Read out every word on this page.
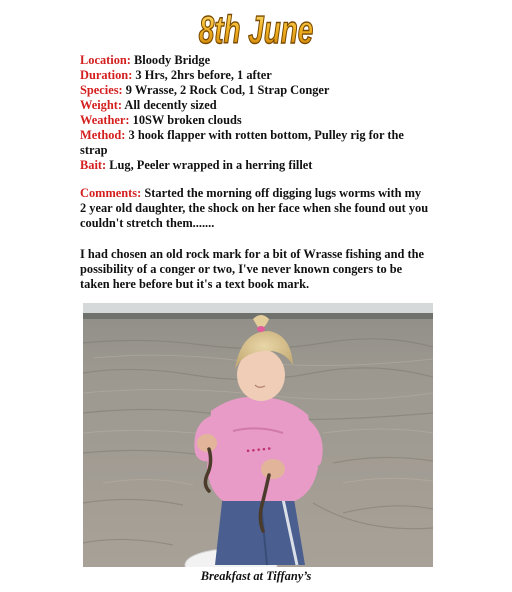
8th June
Location: Bloody Bridge
Duration: 3 Hrs, 2hrs before, 1 after
Species: 9 Wrasse, 2 Rock Cod, 1 Strap Conger
Weight: All decently sized
Weather: 10SW broken clouds
Method: 3 hook flapper with rotten bottom, Pulley rig for the strap
Bait: Lug, Peeler wrapped in a herring fillet

Comments: Started the morning off digging lugs worms with my 2 year old daughter, the shock on her face when she found out you couldn't stretch them.......

I had chosen an old rock mark for a bit of Wrasse fishing and the possibility of a conger or two, I've never known congers to be taken here before but it's a text book mark.

•••••
Breakfast at Tiffany’s
